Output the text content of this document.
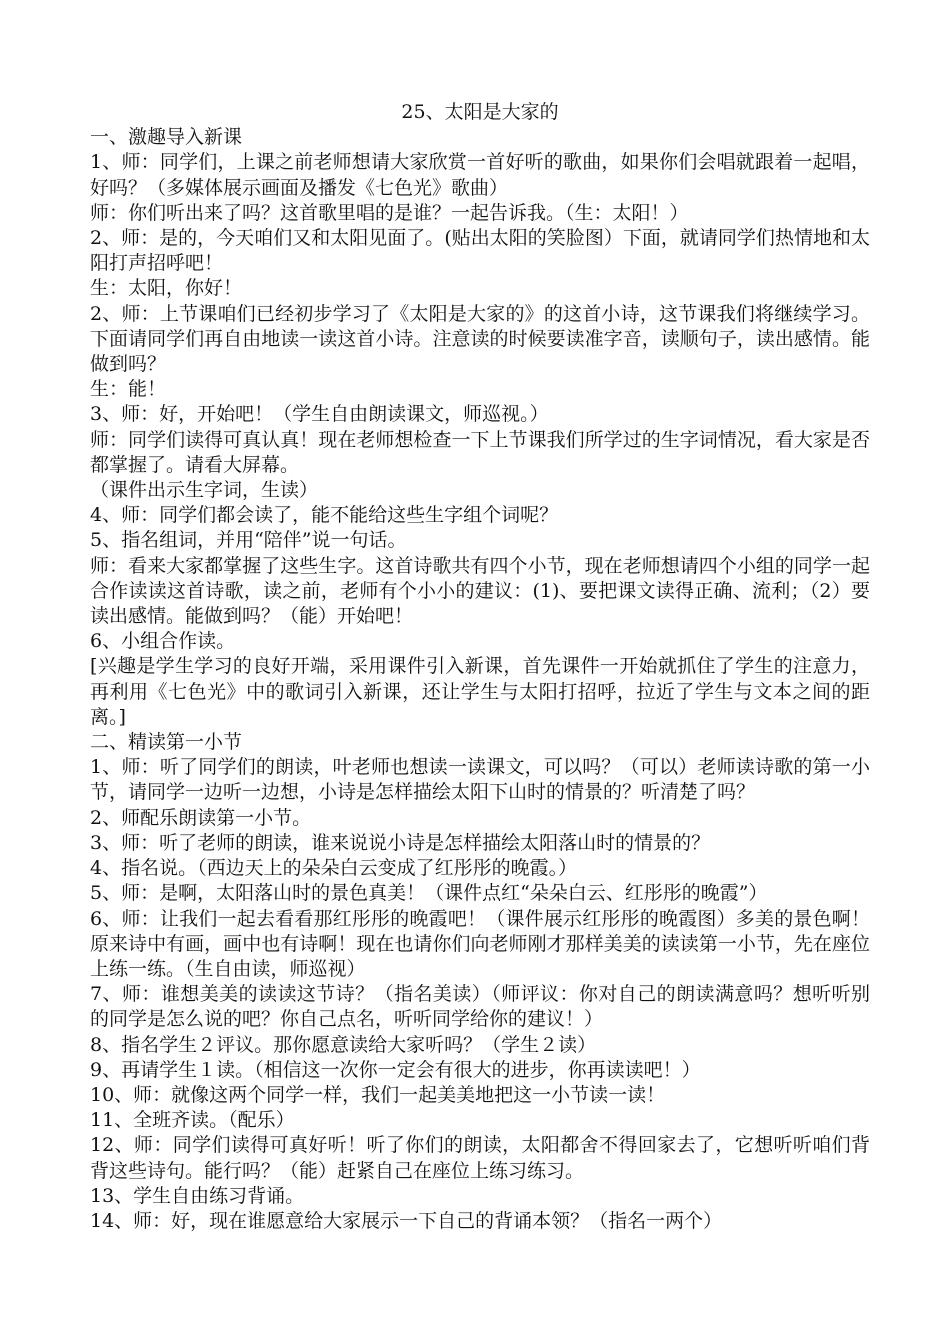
25、太阳是大家的

一、激趣导入新课

1、师：同学们，上课之前老师想请大家欣赏一首好听的歌曲，如果你们会唱就跟着一起唱，好吗？（多媒体展示画面及播发《七色光》歌曲）

师：你们听出来了吗？这首歌里唱的是谁？一起告诉我。（生：太阳！）

2、师：是的，今天咱们又和太阳见面了。(贴出太阳的笑脸图）下面，就请同学们热情地和太阳打声招呼吧！

生：太阳，你好！

2、师：上节课咱们已经初步学习了《太阳是大家的》的这首小诗，这节课我们将继续学习。下面请同学们再自由地读一读这首小诗。注意读的时候要读准字音，读顺句子，读出感情。能做到吗？

生：能！

3、师：好，开始吧！（学生自由朗读课文，师巡视。）

师：同学们读得可真认真！现在老师想检查一下上节课我们所学过的生字词情况，看大家是否都掌握了。请看大屏幕。

（课件出示生字词，生读）

4、师：同学们都会读了，能不能给这些生字组个词呢？

5、指名组词，并用“陪伴”说一句话。

师：看来大家都掌握了这些生字。这首诗歌共有四个小节，现在老师想请四个小组的同学一起合作读读这首诗歌，读之前，老师有个小小的建议：(1)、要把课文读得正确、流利；（2）要读出感情。能做到吗？（能）开始吧！

6、小组合作读。

[兴趣是学生学习的良好开端，采用课件引入新课，首先课件一开始就抓住了学生的注意力，再利用《七色光》中的歌词引入新课，还让学生与太阳打招呼，拉近了学生与文本之间的距离。]

二、精读第一小节

1、师：听了同学们的朗读，叶老师也想读一读课文，可以吗？（可以）老师读诗歌的第一小节，请同学一边听一边想，小诗是怎样描绘太阳下山时的情景的？听清楚了吗？

2、师配乐朗读第一小节。

3、师：听了老师的朗读，谁来说说小诗是怎样描绘太阳落山时的情景的？

4、指名说。（西边天上的朵朵白云变成了红彤彤的晚霞。）

5、师：是啊，太阳落山时的景色真美！（课件点红“朵朵白云、红彤彤的晚霞”）

6、师：让我们一起去看看那红彤彤的晚霞吧！（课件展示红彤彤的晚霞图）多美的景色啊！原来诗中有画，画中也有诗啊！现在也请你们向老师刚才那样美美的读读第一小节，先在座位上练一练。（生自由读，师巡视）

7、师：谁想美美的读读这节诗？（指名美读）（师评议：你对自己的朗读满意吗？想听听别的同学是怎么说的吧？你自己点名，听听同学给你的建议！）

8、指名学生２评议。那你愿意读给大家听吗？（学生２读）

9、再请学生１读。（相信这一次你一定会有很大的进步，你再读读吧！）

10、师：就像这两个同学一样，我们一起美美地把这一小节读一读！

11、全班齐读。（配乐）

12、师：同学们读得可真好听！听了你们的朗读，太阳都舍不得回家去了，它想听听咱们背背这些诗句。能行吗？（能）赶紧自己在座位上练习练习。

13、学生自由练习背诵。

14、师：好，现在谁愿意给大家展示一下自己的背诵本领？（指名一两个）
